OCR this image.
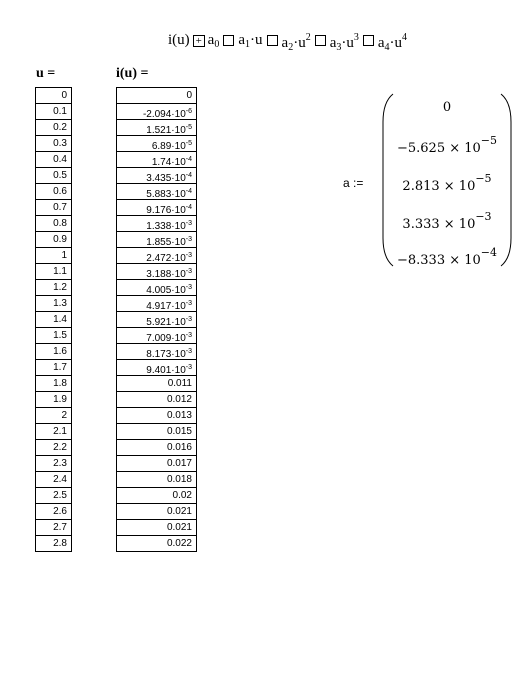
$i(u) + a_0$ $a_1\cdot u$ $a_2\cdot u^2$ $a_3\cdot u^3$ $a_4\cdot u^4$
u =	i(u) =
0
0.1
0.2
0.3
0.4
0.5
0.6
0.7
0.8
0.9
1
1.1
1.2
1.3
1.4
1.5
1.6
1.7
1.8
1.9
2
2.1
2.2
2.3
2.4
2.5
2.6
2.7
2.8
0
$-2.094\cdot 10^{-6}$
$1.521\cdot 10^{-5}$
$6.89\cdot 10^{-5}$
$1.74\cdot 10^{-4}$
$3.435\cdot 10^{-4}$
$5.883\cdot 10^{-4}$
$9.176\cdot 10^{-4}$
$1.338\cdot 10^{-3}$
$1.855\cdot 10^{-3}$
$2.472\cdot 10^{-3}$
$3.188\cdot 10^{-3}$
$4.005\cdot 10^{-3}$
$4.917\cdot 10^{-3}$
$5.921\cdot 10^{-3}$
$7.009\cdot 10^{-3}$
$8.173\cdot 10^{-3}$
$9.401\cdot 10^{-3}$
0.011
0.012
0.013
0.015
0.016
0.017
0.018
0.02
0.021
0.021
0.022
a :=
0
$-5.625 \times 10^{-5}$
$2.813 \times 10^{-5}$
$3.333 \times 10^{-3}$
$-8.333 \times 10^{-4}$
